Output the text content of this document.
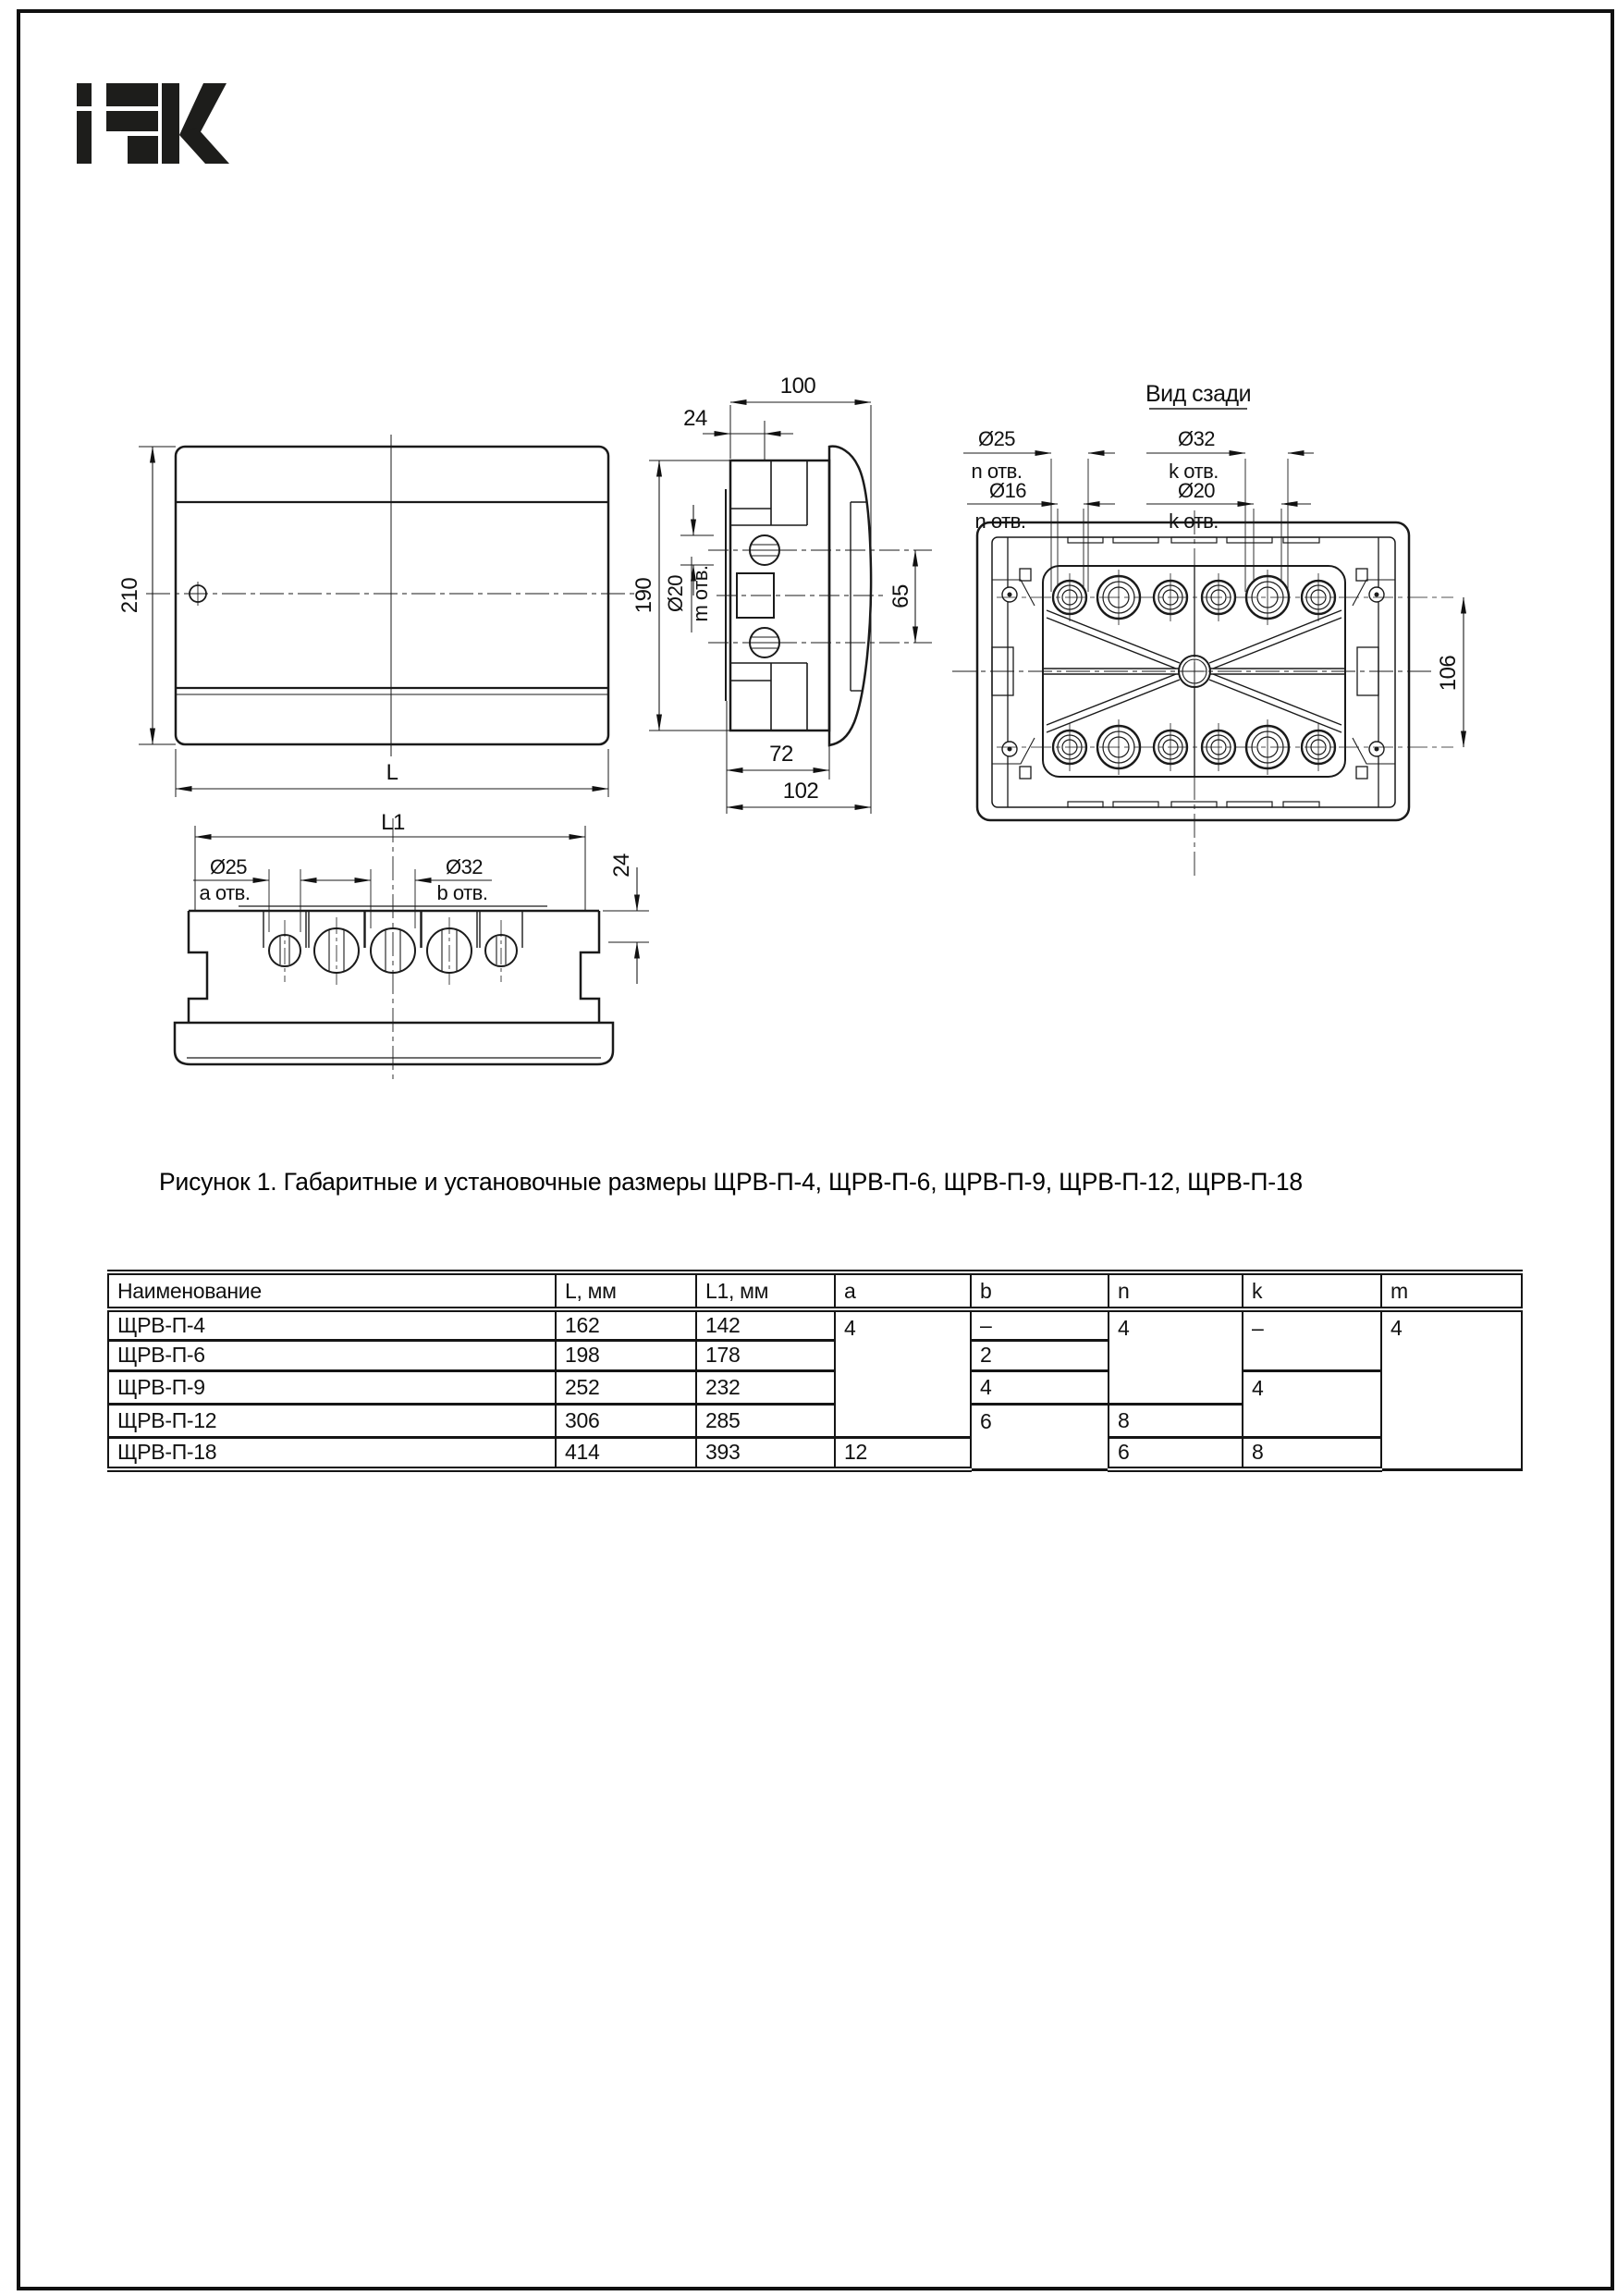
210
L
L1
Ø25
a отв.
Ø32
b отв.
24
100
24
190 Ø20 m отв.	65
72
102
Вид сзади
Ø25
n отв.
Ø16
n отв.
Ø32
k отв.
Ø20
k отв.
106
Рисунок 1. Габаритные и установочные размеры ЩРВ-П-4, ЩРВ-П-6, ЩРВ-П-9, ЩРВ-П-12, ЩРВ-П-18
Наименование	L, мм	L1, мм	a	b	n	k	m
ЩРВ-П-4	162	142	4	–	4	–	4
ЩРВ-П-6	198	178		2			
ЩРВ-П-9	252	232		4		4	
ЩРВ-П-12	306	285		6	8		
ЩРВ-П-18	414	393	12		6	8	
